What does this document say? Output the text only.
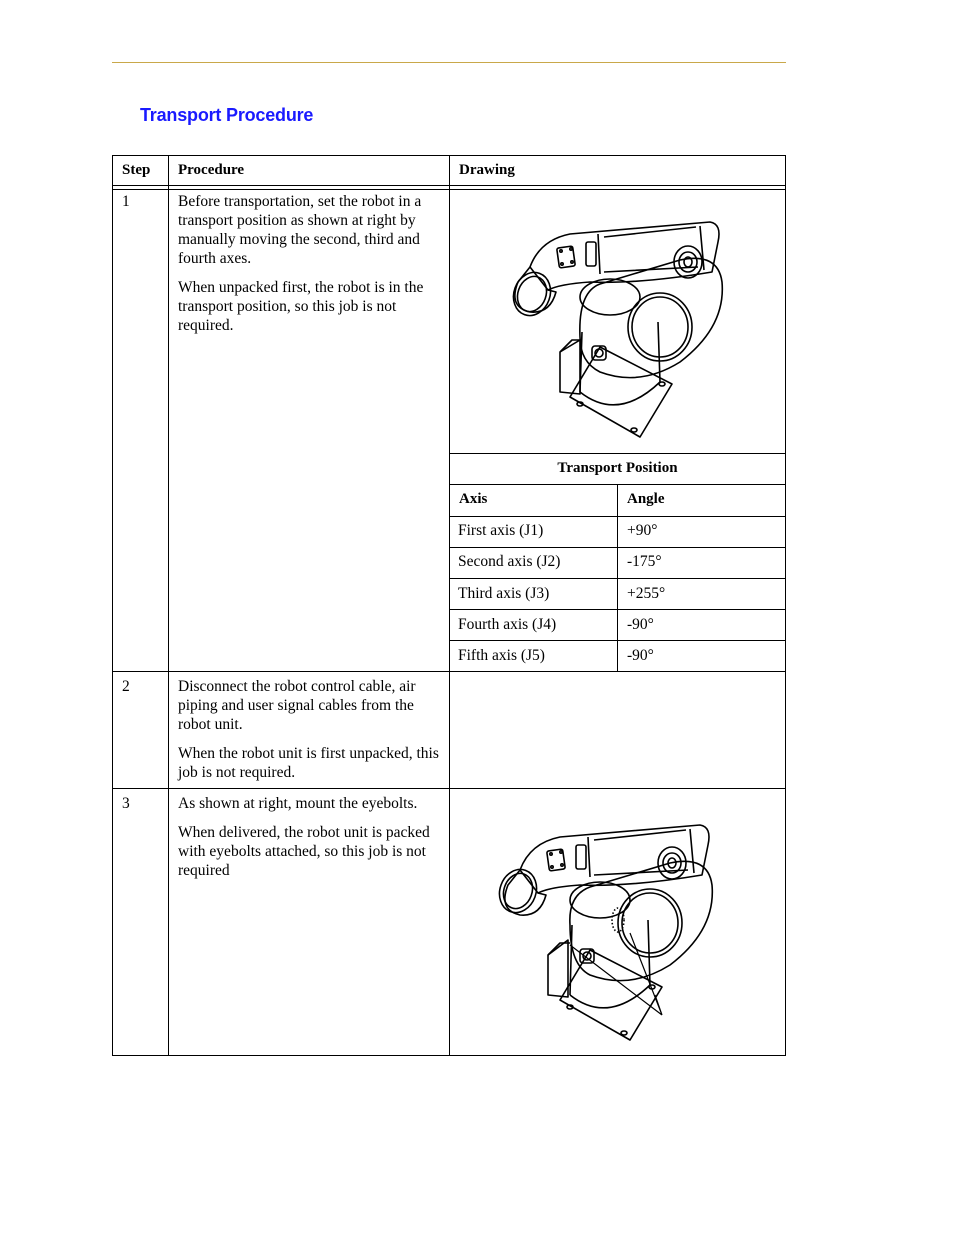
Transport Procedure
Step Procedure	Drawing
1	Before transportation, set the robot in a transport position as shown at right by manually moving the second, third and fourth axes.

When unpacked first, the robot is in the transport position, so this job is not required.

Transport Position
Axis	Angle
First axis (J1)	+90°
Second axis (J2)	-175°
Third axis (J3)	+255°
Fourth axis (J4)	-90°
Fifth axis (J5)	-90°
2	Disconnect the robot control cable, air piping and user signal cables from the robot unit.

When the robot unit is first unpacked, this job is not required.

3	As shown at right, mount the eyebolts.

When delivered, the robot unit is packed with eyebolts attached, so this job is not required
